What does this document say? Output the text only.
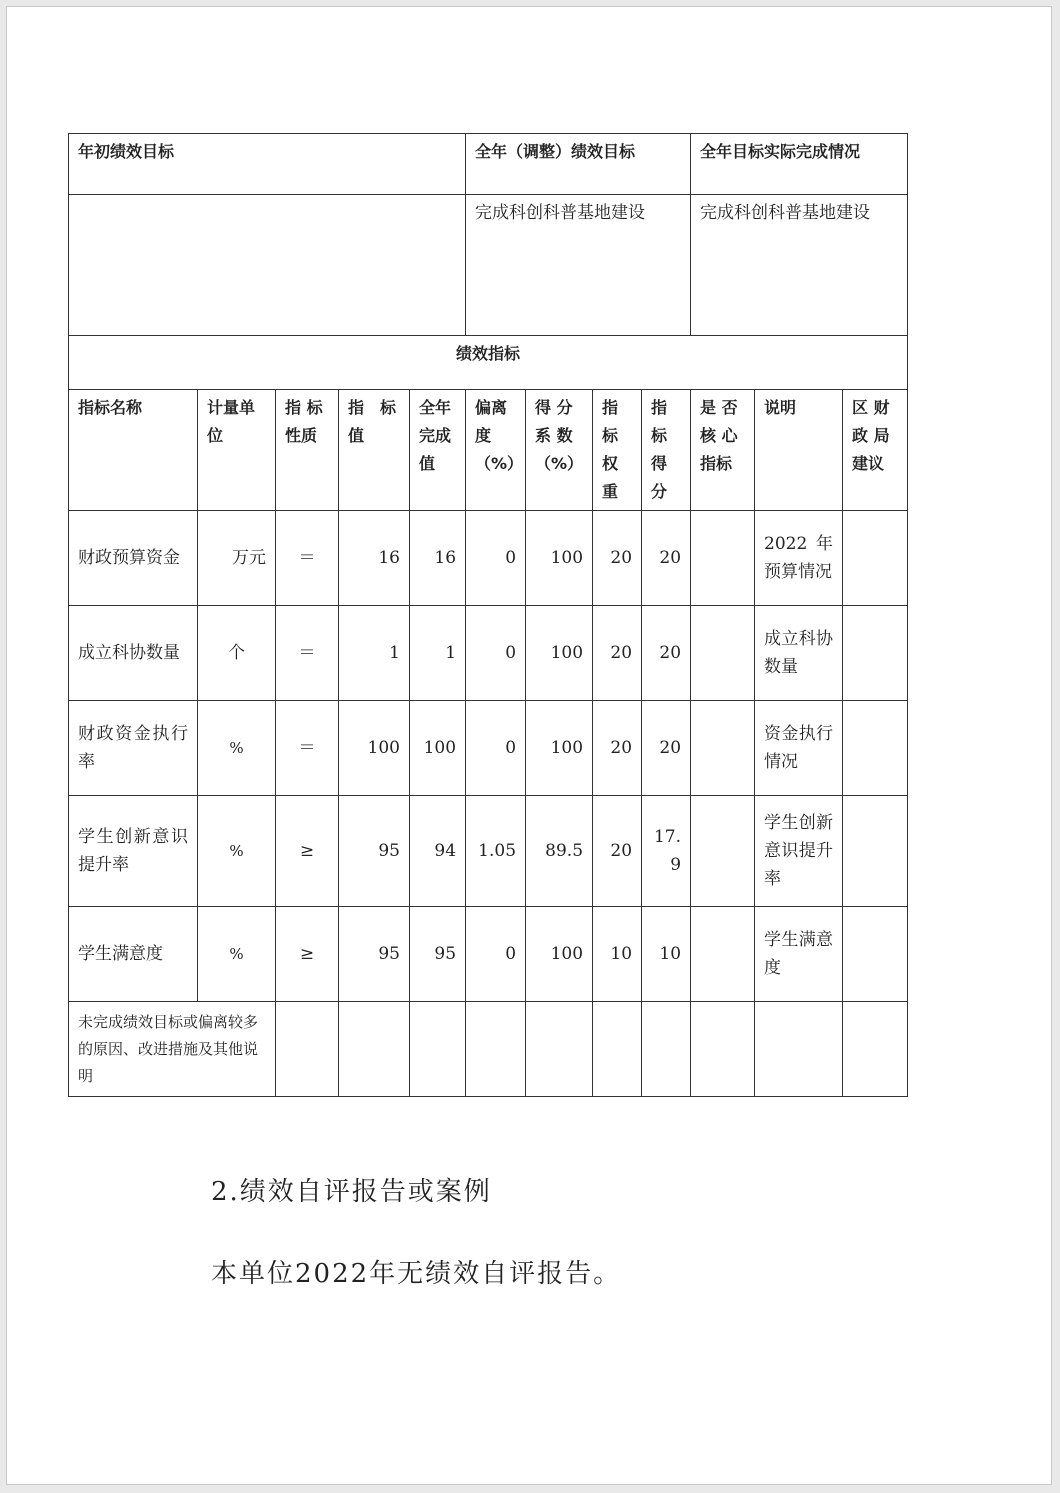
年初绩效目标					全年（调整）绩效目标				全年目标实际完成情况		
					完成科创科普基地建设				完成科创科普基地建设		
绩效指标											
指标名称	计量单位	指 标性质	指　标值	全年完成值	偏离度（%）	得 分系 数（%）	指标权重	指标得分	是 否核 心指标	说明	区 财政 局建议
财政预算资金	万元	＝	16	16	0	100	20	20		2022年预算情况	
成立科协数量	个	＝	1	1	0	100	20	20		成立科协数量	
财政资金执行率	%	＝	100	100	0	100	20	20		资金执行情况	
学生创新意识提升率	%	≥	95	94	1.05	89.5	20	17.9		学生创新意识提升率	
学生满意度	%	≥	95	95	0	100	10	10		学生满意度	
未完成绩效目标或偏离较多的原因、改进措施及其他说明											
2.绩效自评报告或案例
本单位2022年无绩效自评报告。
